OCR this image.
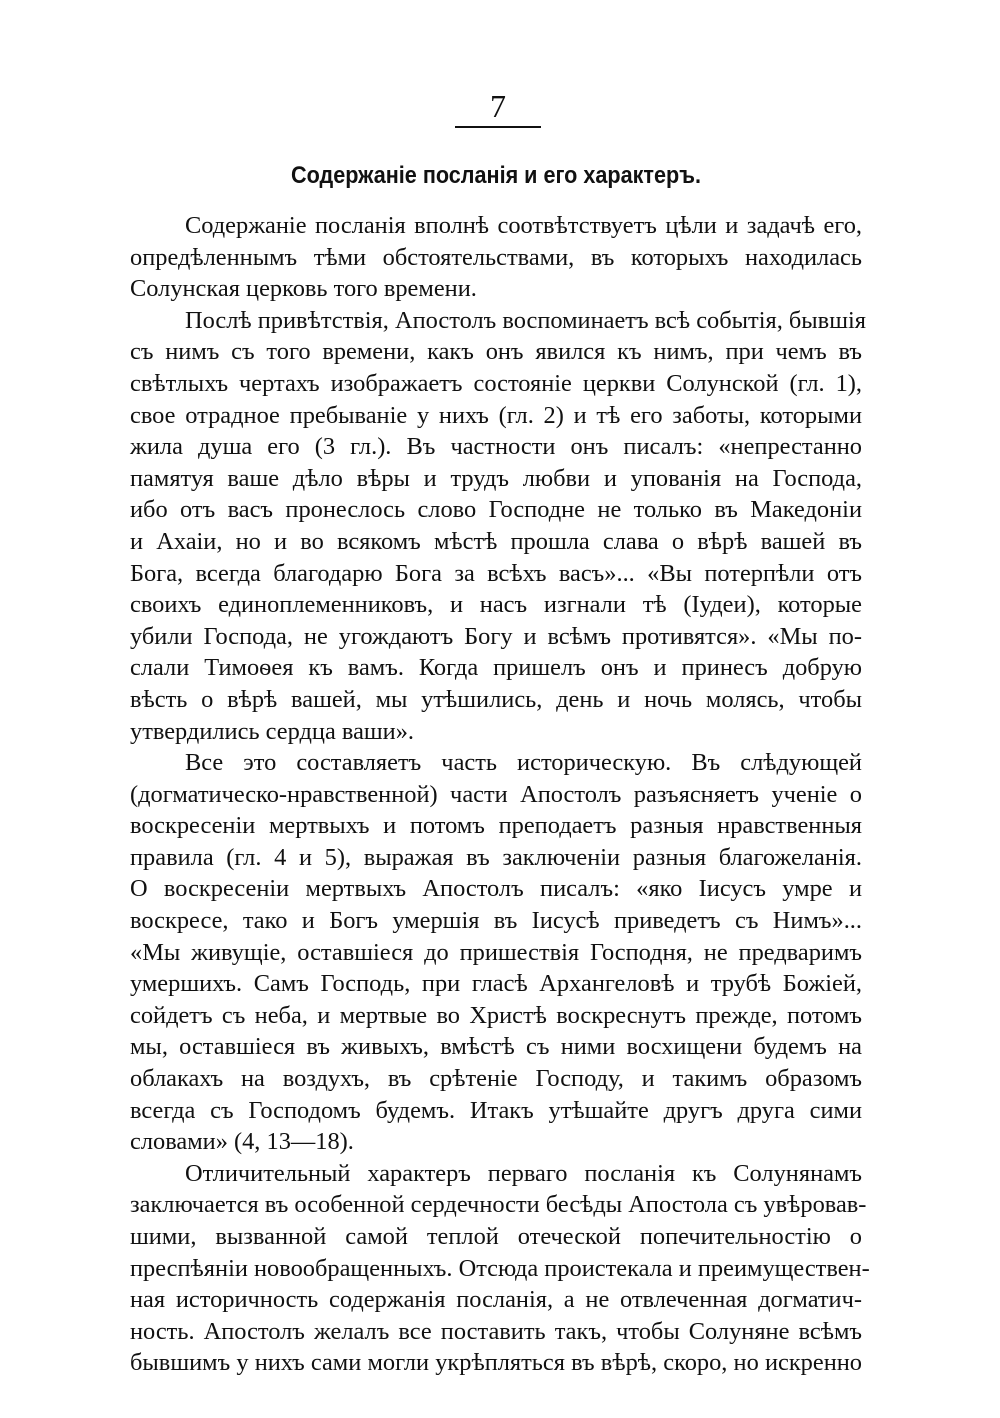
7
Содержаніе посланія и его характеръ.
Содержаніе посланія вполнѣ соотвѣтствуетъ цѣли и задачѣ его,
опредѣленнымъ тѣми обстоятельствами, въ которыхъ находилась
Солунская церковь того времени.
Послѣ привѣтствія, Апостолъ воспоминаетъ всѣ событія, бывшія
съ нимъ съ того времени, какъ онъ явился къ нимъ, при чемъ въ
свѣтлыхъ чертахъ изображаетъ состояніе церкви Солунской (гл. 1),
свое отрадное пребываніе у нихъ (гл. 2) и тѣ его заботы, которыми
жила душа его (3 гл.). Въ частности онъ писалъ: «непрестанно
памятуя ваше дѣло вѣры и трудъ любви и упованія на Господа,
ибо отъ васъ пронеслось слово Господне не только въ Македоніи
и Ахаіи, но и во всякомъ мѣстѣ прошла слава о вѣрѣ вашей въ
Бога, всегда благодарю Бога за всѣхъ васъ»... «Вы потерпѣли отъ
своихъ единоплеменниковъ, и насъ изгнали тѣ (Іудеи), которые
убили Господа, не угождаютъ Богу и всѣмъ противятся». «Мы по-
слали Тимоѳея къ вамъ. Когда пришелъ онъ и принесъ добрую
вѣсть о вѣрѣ вашей, мы утѣшились, день и ночь молясь, чтобы
утвердились сердца ваши».
Все это составляетъ часть историческую. Въ слѣдующей
(догматическо-нравственной) части Апостолъ разъясняетъ ученіе о
воскресеніи мертвыхъ и потомъ преподаетъ разныя нравственныя
правила (гл. 4 и 5), выражая въ заключеніи разныя благожеланія.
О воскресеніи мертвыхъ Апостолъ писалъ: «яко Іисусъ умре и
воскресе, тако и Богъ умершія въ Іисусѣ приведетъ съ Нимъ»...
«Мы живущіе, оставшіеся до пришествія Господня, не предваримъ
умершихъ. Самъ Господь, при гласѣ Архангеловѣ и трубѣ Божіей,
сойдетъ съ неба, и мертвые во Христѣ воскреснутъ прежде, потомъ
мы, оставшіеся въ живыхъ, вмѣстѣ съ ними восхищени будемъ на
облакахъ на воздухъ, въ срѣтеніе Господу, и такимъ образомъ
всегда съ Господомъ будемъ. Итакъ утѣшайте другъ друга сими
словами» (4, 13—18).
Отличительный характеръ перваго посланія къ Солунянамъ
заключается въ особенной сердечности бесѣды Апостола съ увѣровав-
шими, вызванной самой теплой отеческой попечительностію о
преспѣяніи новообращенныхъ. Отсюда проистекала и преимуществен-
ная историчность содержанія посланія, а не отвлеченная догматич-
ность. Апостолъ желалъ все поставить такъ, чтобы Солуняне всѣмъ
бывшимъ у нихъ сами могли укрѣпляться въ вѣрѣ, скоро, но искренно
